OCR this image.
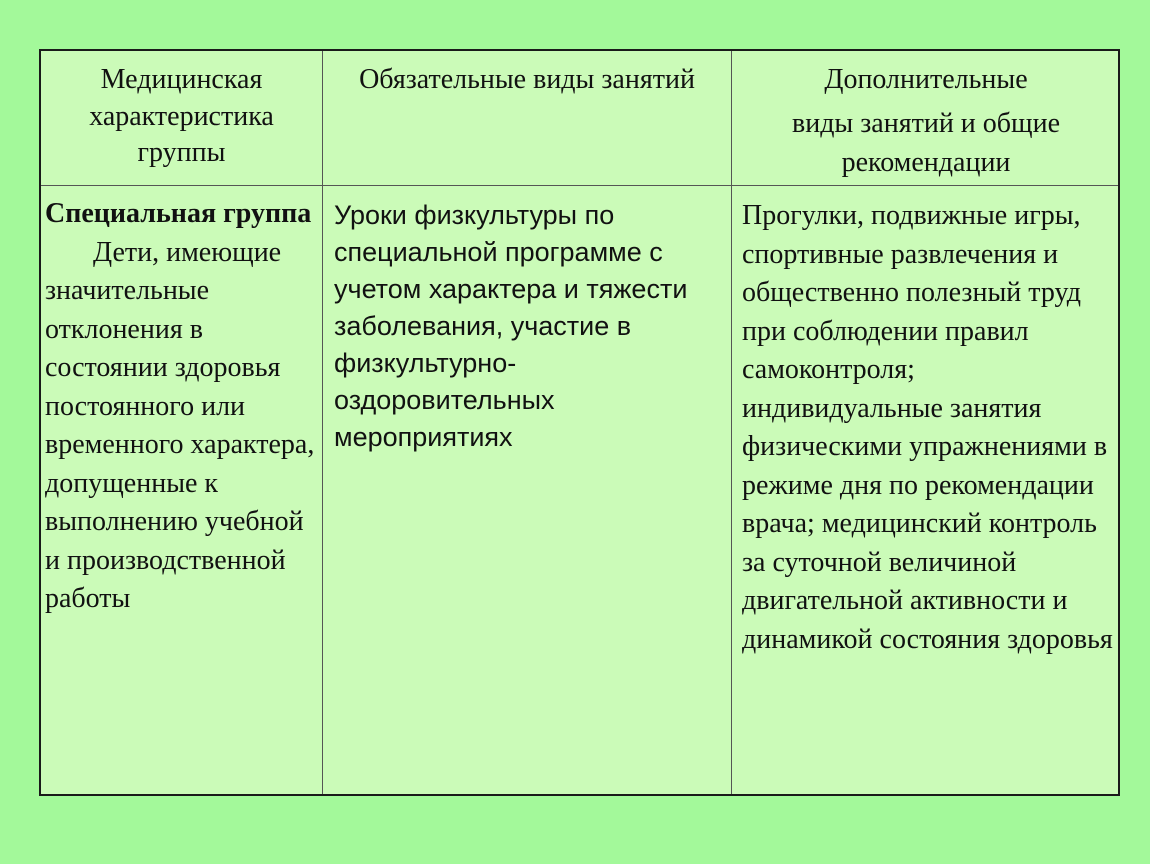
Медицинская
характеристика
группы
Обязательные виды занятий	Дополнительные
виды занятий и общие
рекомендации
Специальная группа
Дети, имеющие значительные отклонения в состоянии здоровья постоянного или временного характера, допущенные к выполнению учебной и производственной работы
Уроки физкультуры по специальной программе с учетом характера и тяжести заболевания, участие в физкультурно-оздоровительных мероприятиях
Прогулки, подвижные игры, спортивные развлечения и общественно полезный труд при соблюдении правил самоконтроля; индивидуальные занятия физическими упражнениями в режиме дня по рекомендации врача; медицинский контроль за суточной величиной двигательной активности и динамикой состояния здоровья
